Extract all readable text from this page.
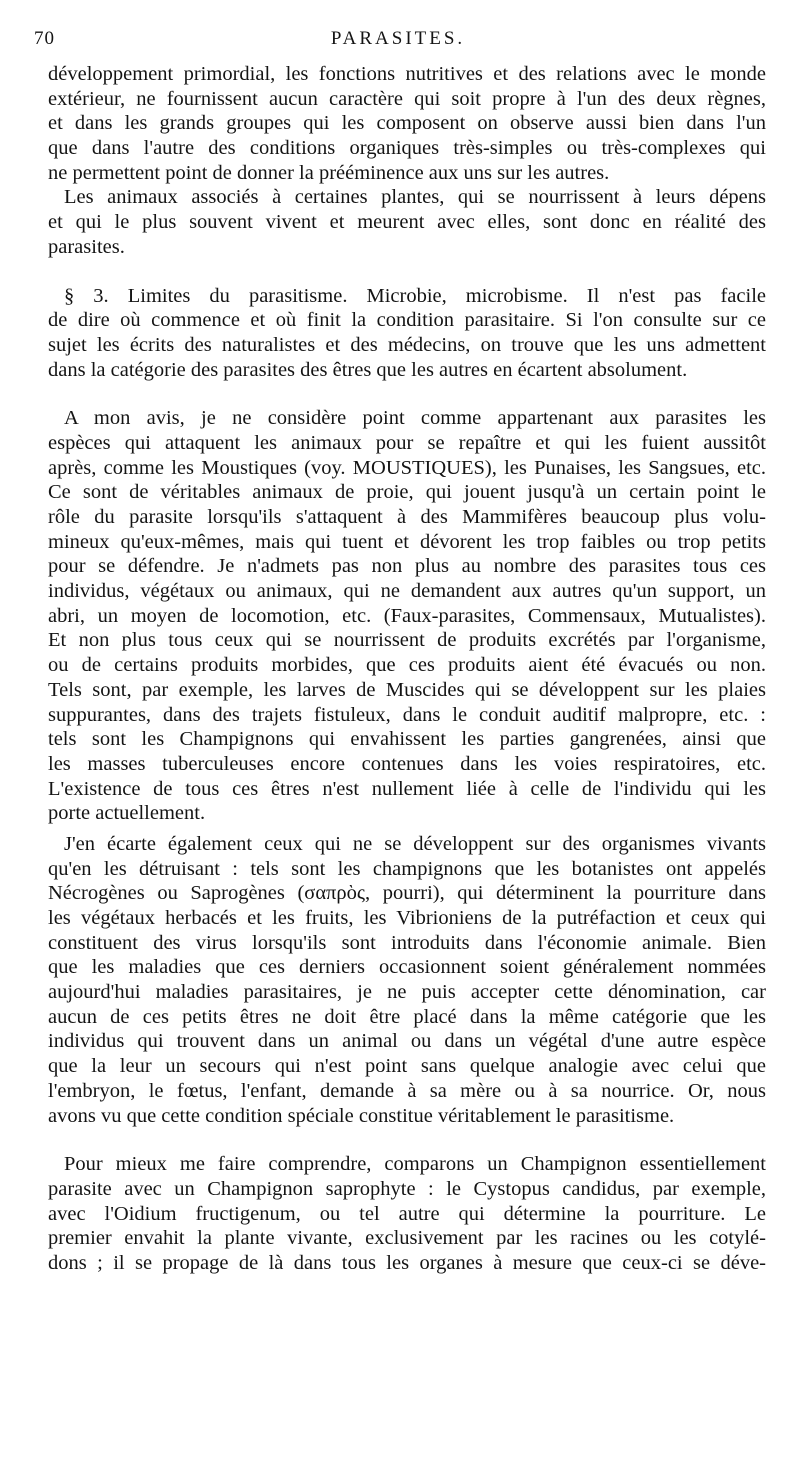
70	PARASITES.
développement primordial, les fonctions nutritives et des relations avec le monde
extérieur, ne fournissent aucun caractère qui soit propre à l'un des deux règnes,
et dans les grands groupes qui les composent on observe aussi bien dans l'un
que dans l'autre des conditions organiques très-simples ou très-complexes qui
ne permettent point de donner la prééminence aux uns sur les autres.
Les animaux associés à certaines plantes, qui se nourrissent à leurs dépens
et qui le plus souvent vivent et meurent avec elles, sont donc en réalité des
parasites.
§ 3. Limites du parasitisme. Microbie, microbisme. Il n'est pas facile
de dire où commence et où finit la condition parasitaire. Si l'on consulte sur ce
sujet les écrits des naturalistes et des médecins, on trouve que les uns admettent
dans la catégorie des parasites des êtres que les autres en écartent absolument.
A mon avis, je ne considère point comme appartenant aux parasites les
espèces qui attaquent les animaux pour se repaître et qui les fuient aussitôt
après, comme les Moustiques (voy. MOUSTIQUES), les Punaises, les Sangsues, etc.
Ce sont de véritables animaux de proie, qui jouent jusqu'à un certain point le
rôle du parasite lorsqu'ils s'attaquent à des Mammifères beaucoup plus volu-
mineux qu'eux-mêmes, mais qui tuent et dévorent les trop faibles ou trop petits
pour se défendre. Je n'admets pas non plus au nombre des parasites tous ces
individus, végétaux ou animaux, qui ne demandent aux autres qu'un support, un
abri, un moyen de locomotion, etc. (Faux-parasites, Commensaux, Mutualistes).
Et non plus tous ceux qui se nourrissent de produits excrétés par l'organisme,
ou de certains produits morbides, que ces produits aient été évacués ou non.
Tels sont, par exemple, les larves de Muscides qui se développent sur les plaies
suppurantes, dans des trajets fistuleux, dans le conduit auditif malpropre, etc. :
tels sont les Champignons qui envahissent les parties gangrenées, ainsi que
les masses tuberculeuses encore contenues dans les voies respiratoires, etc.
L'existence de tous ces êtres n'est nullement liée à celle de l'individu qui les
porte actuellement.
J'en écarte également ceux qui ne se développent sur des organismes vivants
qu'en les détruisant : tels sont les champignons que les botanistes ont appelés
Nécrogènes ou Saprogènes (σαπρὸς, pourri), qui déterminent la pourriture dans
les végétaux herbacés et les fruits, les Vibrioniens de la putréfaction et ceux qui
constituent des virus lorsqu'ils sont introduits dans l'économie animale. Bien
que les maladies que ces derniers occasionnent soient généralement nommées
aujourd'hui maladies parasitaires, je ne puis accepter cette dénomination, car
aucun de ces petits êtres ne doit être placé dans la même catégorie que les
individus qui trouvent dans un animal ou dans un végétal d'une autre espèce
que la leur un secours qui n'est point sans quelque analogie avec celui que
l'embryon, le fœtus, l'enfant, demande à sa mère ou à sa nourrice. Or, nous
avons vu que cette condition spéciale constitue véritablement le parasitisme.
Pour mieux me faire comprendre, comparons un Champignon essentiellement
parasite avec un Champignon saprophyte : le Cystopus candidus, par exemple,
avec l'Oidium fructigenum, ou tel autre qui détermine la pourriture. Le
premier envahit la plante vivante, exclusivement par les racines ou les cotylé-
dons ; il se propage de là dans tous les organes à mesure que ceux-ci se déve-
